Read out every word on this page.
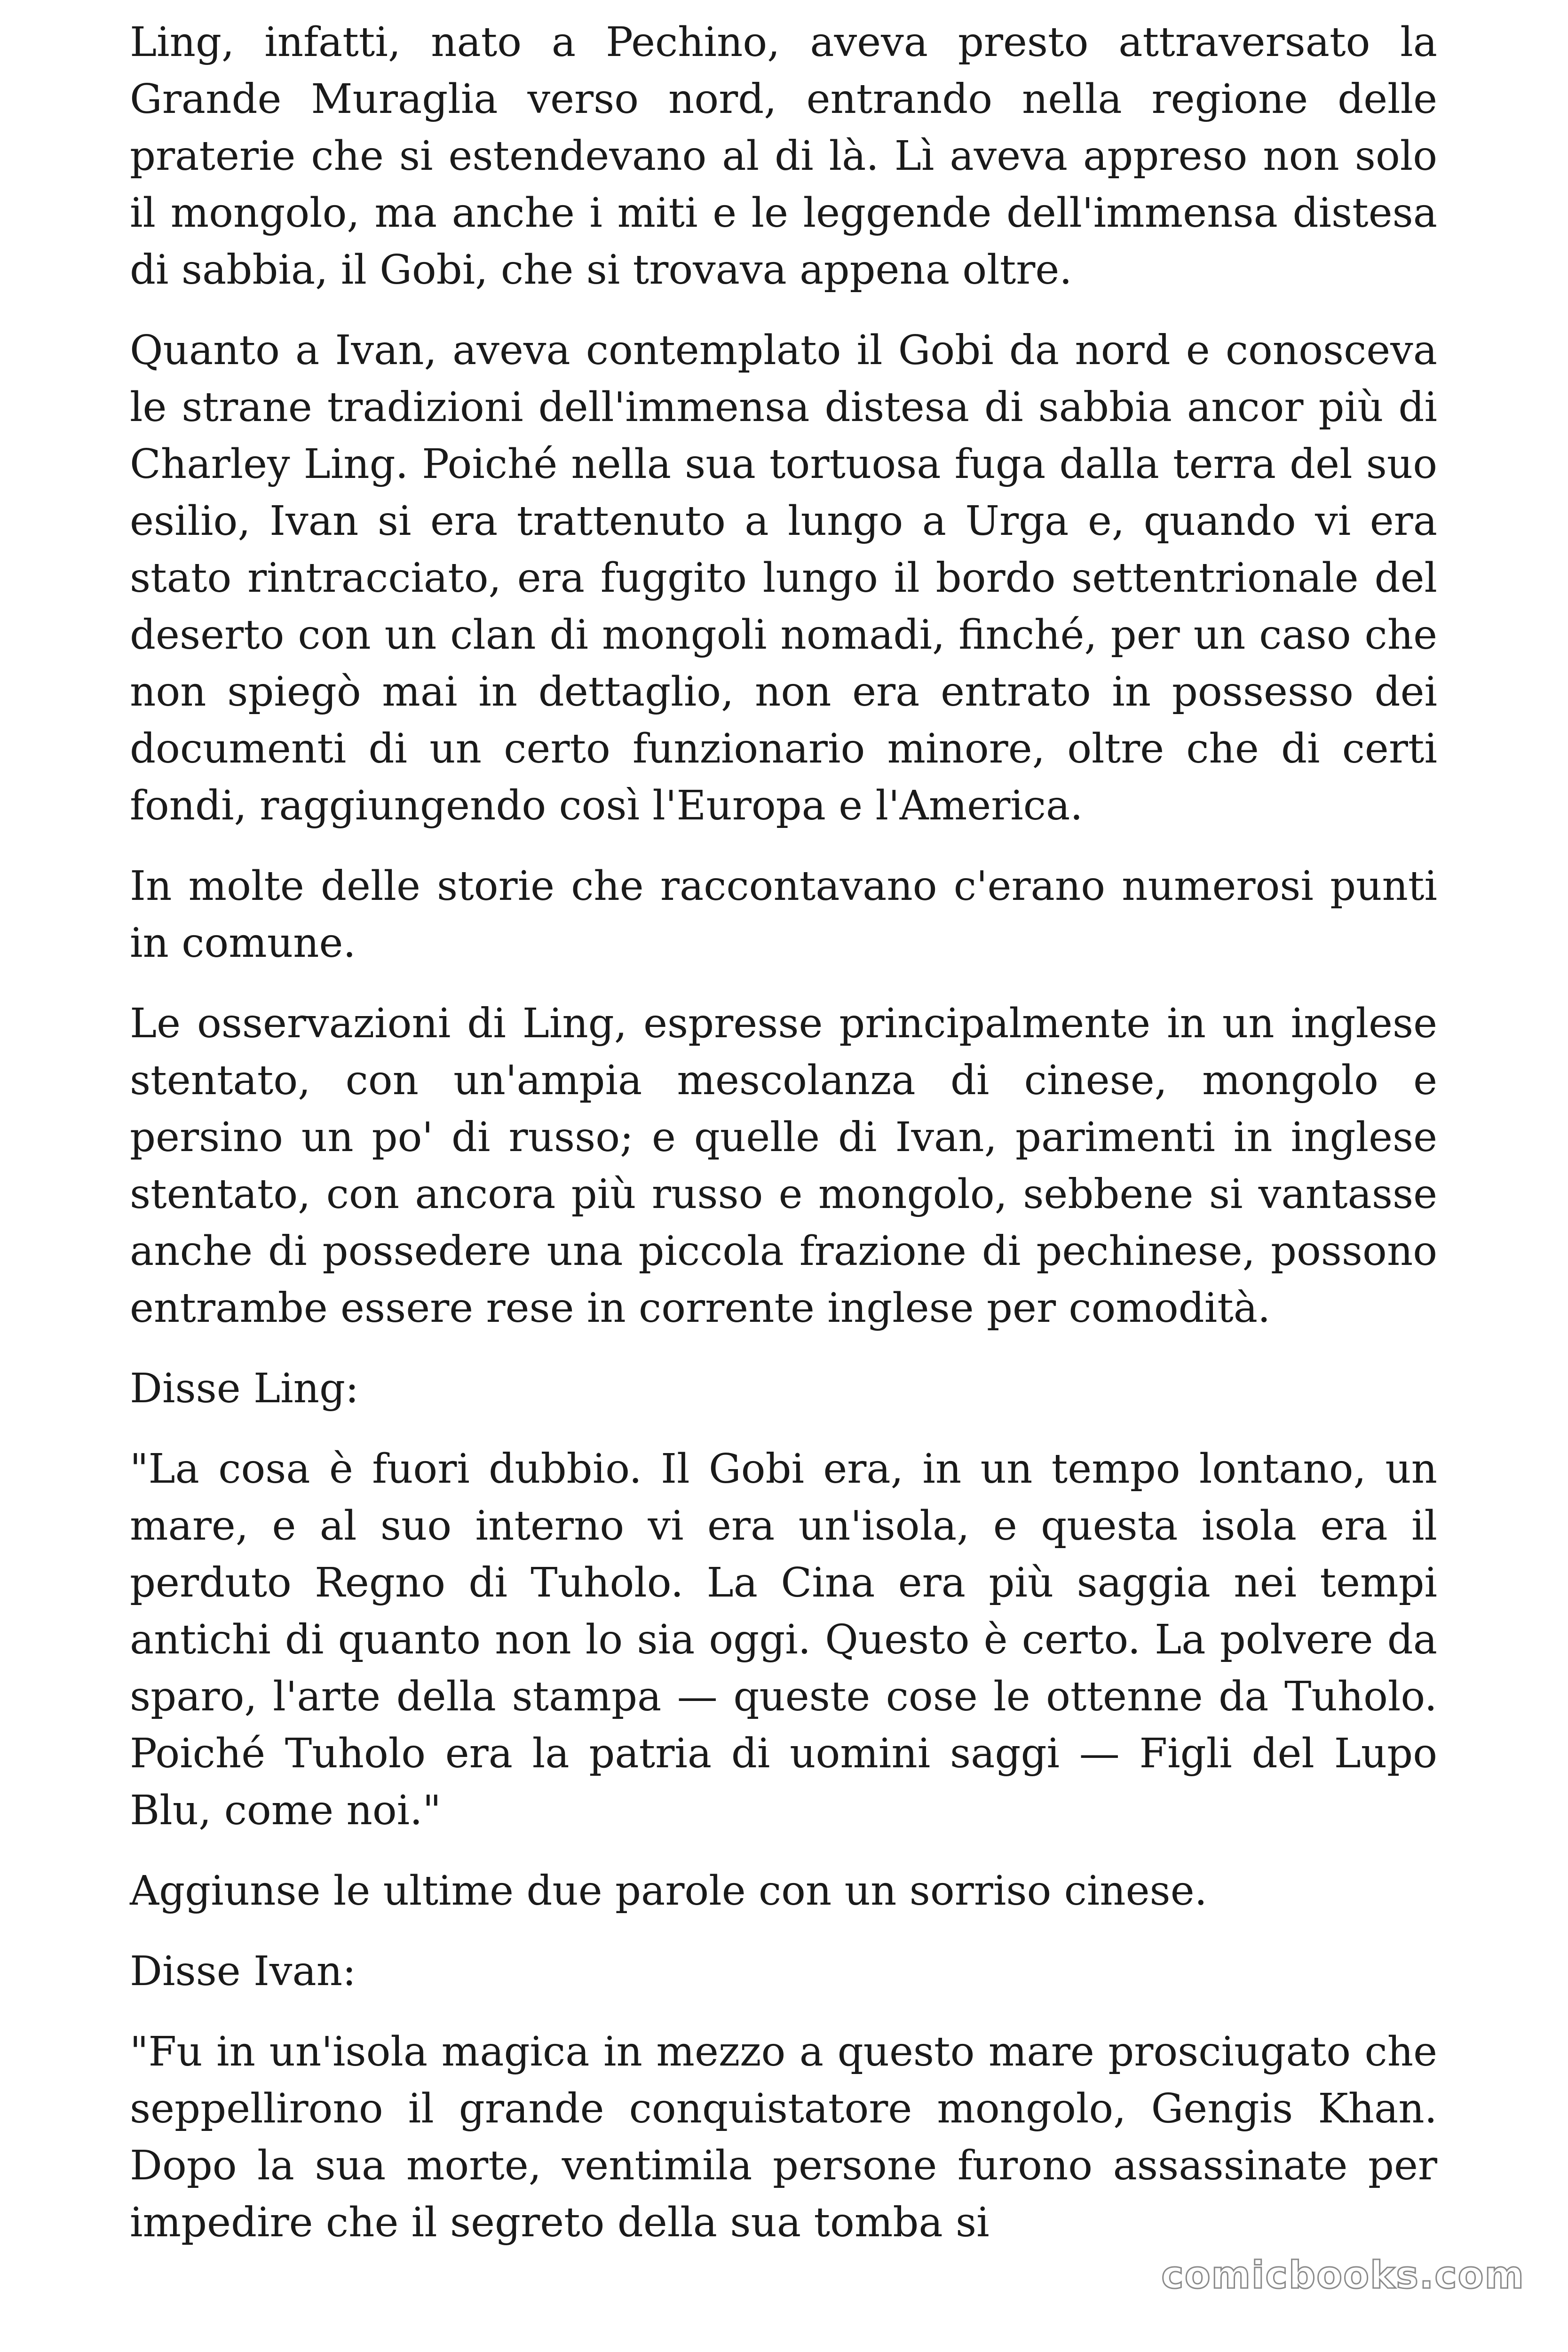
Ling, infatti, nato a Pechino, aveva presto attraversato la Grande Muraglia verso nord, entrando nella regione delle praterie che si estendevano al di là. Lì aveva appreso non solo il mongolo, ma anche i miti e le leggende dell'immensa distesa di sabbia, il Gobi, che si trovava appena oltre.

Quanto a Ivan, aveva contemplato il Gobi da nord e conosceva le strane tradizioni dell'immensa distesa di sabbia ancor più di Charley Ling. Poiché nella sua tortuosa fuga dalla terra del suo esilio, Ivan si era trattenuto a lungo a Urga e, quando vi era stato rintracciato, era fuggito lungo il bordo settentrionale del deserto con un clan di mongoli nomadi, finché, per un caso che non spiegò mai in dettaglio, non era entrato in possesso dei documenti di un certo funzionario minore, oltre che di certi fondi, raggiungendo così l'Europa e l'America.

In molte delle storie che raccontavano c'erano numerosi punti in comune.

Le osservazioni di Ling, espresse principalmente in un inglese stentato, con un'ampia mescolanza di cinese, mongolo e persino un po' di russo; e quelle di Ivan, parimenti in inglese stentato, con ancora più russo e mongolo, sebbene si vantasse anche di possedere una piccola frazione di pechinese, possono entrambe essere rese in corrente inglese per comodità.

Disse Ling:

"La cosa è fuori dubbio. Il Gobi era, in un tempo lontano, un mare, e al suo interno vi era un'isola, e questa isola era il perduto Regno di Tuholo. La Cina era più saggia nei tempi antichi di quanto non lo sia oggi. Questo è certo. La polvere da sparo, l'arte della stampa — queste cose le ottenne da Tuholo. Poiché Tuholo era la patria di uomini saggi — Figli del Lupo Blu, come noi."

Aggiunse le ultime due parole con un sorriso cinese.

Disse Ivan:

"Fu in un'isola magica in mezzo a questo mare prosciugato che seppellirono il grande conquistatore mongolo, Gengis Khan. Dopo la sua morte, ventimila persone furono assassinate per impedire che il segreto della sua tomba si

comicbooks.com
